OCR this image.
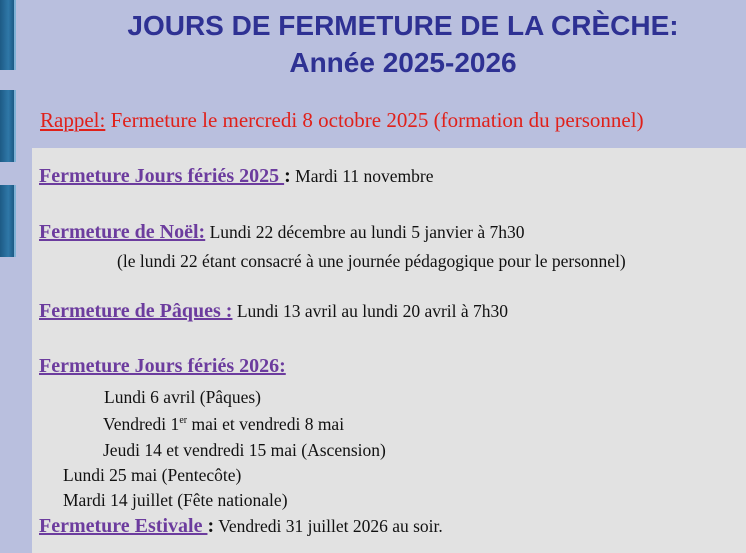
JOURS DE FERMETURE DE LA CRÈCHE:
Année 2025-2026
Rappel: Fermeture le mercredi 8 octobre 2025 (formation du personnel)
Fermeture Jours fériés 2025 : Mardi 11 novembre
Fermeture de Noël: Lundi 22 décembre au lundi 5 janvier à 7h30
(le lundi 22 étant consacré à une journée pédagogique pour le personnel)
Fermeture de Pâques : Lundi 13 avril au lundi 20 avril à 7h30
Fermeture Jours fériés 2026:
Lundi 6 avril (Pâques)
Vendredi 1er mai et vendredi 8 mai
Jeudi 14 et vendredi 15 mai (Ascension)
Lundi 25 mai (Pentecôte)
Mardi 14 juillet (Fête nationale)
Fermeture Estivale : Vendredi 31 juillet 2026 au soir.
